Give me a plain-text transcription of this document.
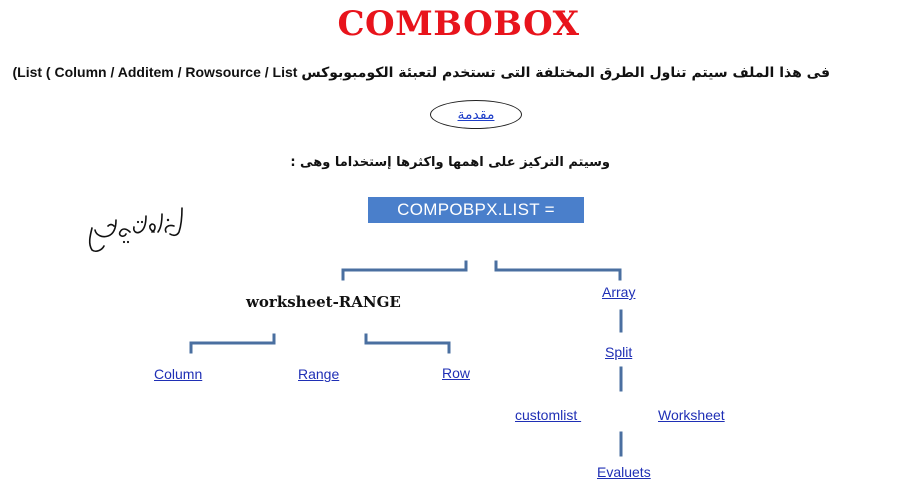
COMBOBOX
فى هذا الملف سيتم تناول الطرق المختلفة التى تستخدم لتعبئة الكومبوبوكس (List ( Column / Additem / Rowsource / List
مقدمة
وسيتم التركيز على اهمها واكثرها إستخداما وهى :
COMPOBPX.LIST =
worksheet-RANGE
Column	Range	Row
Array
Split
customlist	Worksheet
Evaluets
